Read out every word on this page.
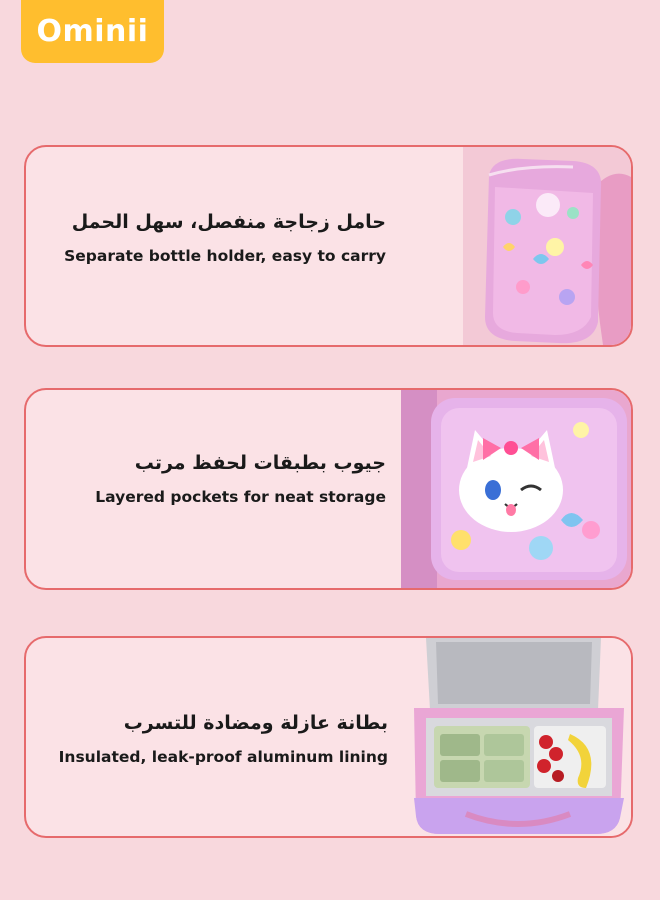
Ominii
حامل زجاجة منفصل، سهل الحمل
Separate bottle holder, easy to carry
جيوب بطبقات لحفظ مرتب
Layered pockets for neat storage
بطانة عازلة ومضادة للتسرب
Insulated, leak-proof aluminum lining
